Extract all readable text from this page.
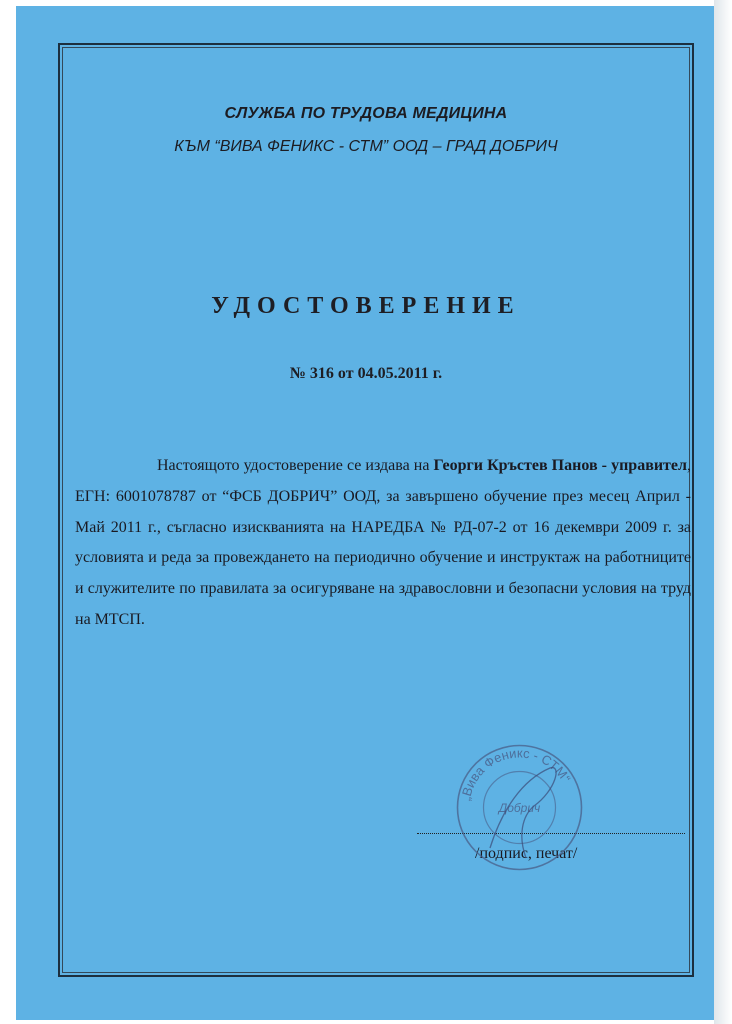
СЛУЖБА ПО ТРУДОВА МЕДИЦИНА
КЪМ “ВИВА ФЕНИКС - СТМ” ООД – ГРАД ДОБРИЧ
УДОСТОВЕРЕНИЕ
№ 316 от 04.05.2011 г.
Настоящото удостоверение се издава на Георги Кръстев Панов - управител, ЕГН: 6001078787 от “ФСБ ДОБРИЧ” ООД, за завършено обучение през месец Април - Май 2011 г., съгласно изискванията на НАРЕДБА № РД-07-2 от 16 декември 2009 г. за условията и реда за провеждането на периодично обучение и инструктаж на работниците и служителите по правилата за осигуряване на здравословни и безопасни условия на труд на МТСП.
/подпис, печат/
„Вива Феникс - СТМ“
Добрич
